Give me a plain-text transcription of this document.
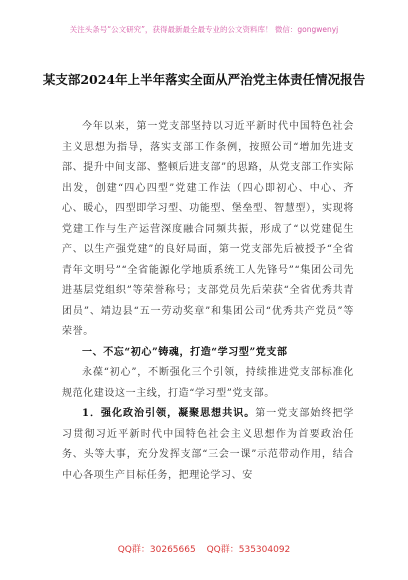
关注头条号“公文研究”，获得最新最全最专业的公文资料库！ 微信：gongwenyj
某支部2024年上半年落实全面从严治党主体责任情况报告

今年以来，第一党支部坚持以习近平新时代中国特色社会主义思想为指导，落实支部工作条例，按照公司“增加先进支部、提升中间支部、整顿后进支部”的思路，从党支部工作实际出发，创建“四心四型”党建工作法（四心即初心、中心、齐心、暖心，四型即学习型、功能型、堡垒型、智慧型），实现将党建工作与生产运营深度融合同频共振，形成了“以党建促生产、以生产强党建”的良好局面，第一党支部先后被授予“全省青年文明号”“全省能源化学地质系统工人先锋号”“集团公司先进基层党组织”等荣誉称号；支部党员先后荣获“全省优秀共青团员”、靖边县“五一劳动奖章”和集团公司“优秀共产党员”等荣誉。

一、不忘“初心”铸魂，打造“学习型”党支部

永葆“初心”，不断强化三个引领，持续推进党支部标准化规范化建设这一主线，打造“学习型”党支部。

1．强化政治引领，凝聚思想共识。第一党支部始终把学习贯彻习近平新时代中国特色社会主义思想作为首要政治任务、头等大事，充分发挥支部“三会一课”示范带动作用，结合中心各项生产目标任务，把理论学习、安

QQ群：30265665 QQ群：535304092
